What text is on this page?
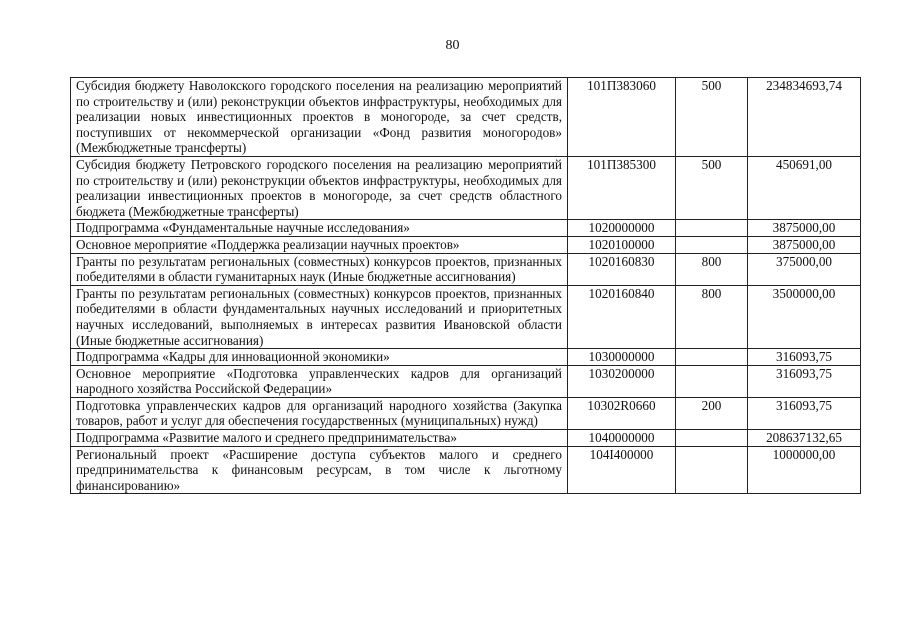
80
Субсидия бюджету Наволокского городского поселения на реализацию мероприятий по строительству и (или) реконструкции объектов инфраструктуры, необходимых для реализации новых инвестиционных проектов в моногороде, за счет средств, поступивших от некоммерческой организации «Фонд развития моногородов» (Межбюджетные трансферты)	101П383060	500	234834693,74
Субсидия бюджету Петровского городского поселения на реализацию мероприятий по строительству и (или) реконструкции объектов инфраструктуры, необходимых для реализации инвестиционных проектов в моногороде, за счет средств областного бюджета (Межбюджетные трансферты)	101П385300	500	450691,00
Подпрограмма «Фундаментальные научные исследования»	1020000000		3875000,00
Основное мероприятие «Поддержка реализации научных проектов»	1020100000		3875000,00
Гранты по результатам региональных (совместных) конкурсов проектов, признанных победителями в области гуманитарных наук (Иные бюджетные ассигнования)	1020160830	800	375000,00
Гранты по результатам региональных (совместных) конкурсов проектов, признанных победителями в области фундаментальных научных исследований и приоритетных научных исследований, выполняемых в интересах развития Ивановской области (Иные бюджетные ассигнования)	1020160840	800	3500000,00
Подпрограмма «Кадры для инновационной экономики»	1030000000		316093,75
Основное мероприятие «Подготовка управленческих кадров для организаций народного хозяйства Российской Федерации»	1030200000		316093,75
Подготовка управленческих кадров для организаций народного хозяйства (Закупка товаров, работ и услуг для обеспечения государственных (муниципальных) нужд)	10302R0660	200	316093,75
Подпрограмма «Развитие малого и среднего предпринимательства»	1040000000		208637132,65
Региональный проект «Расширение доступа субъектов малого и среднего предпринимательства к финансовым ресурсам, в том числе к льготному финансированию»	104I400000		1000000,00
